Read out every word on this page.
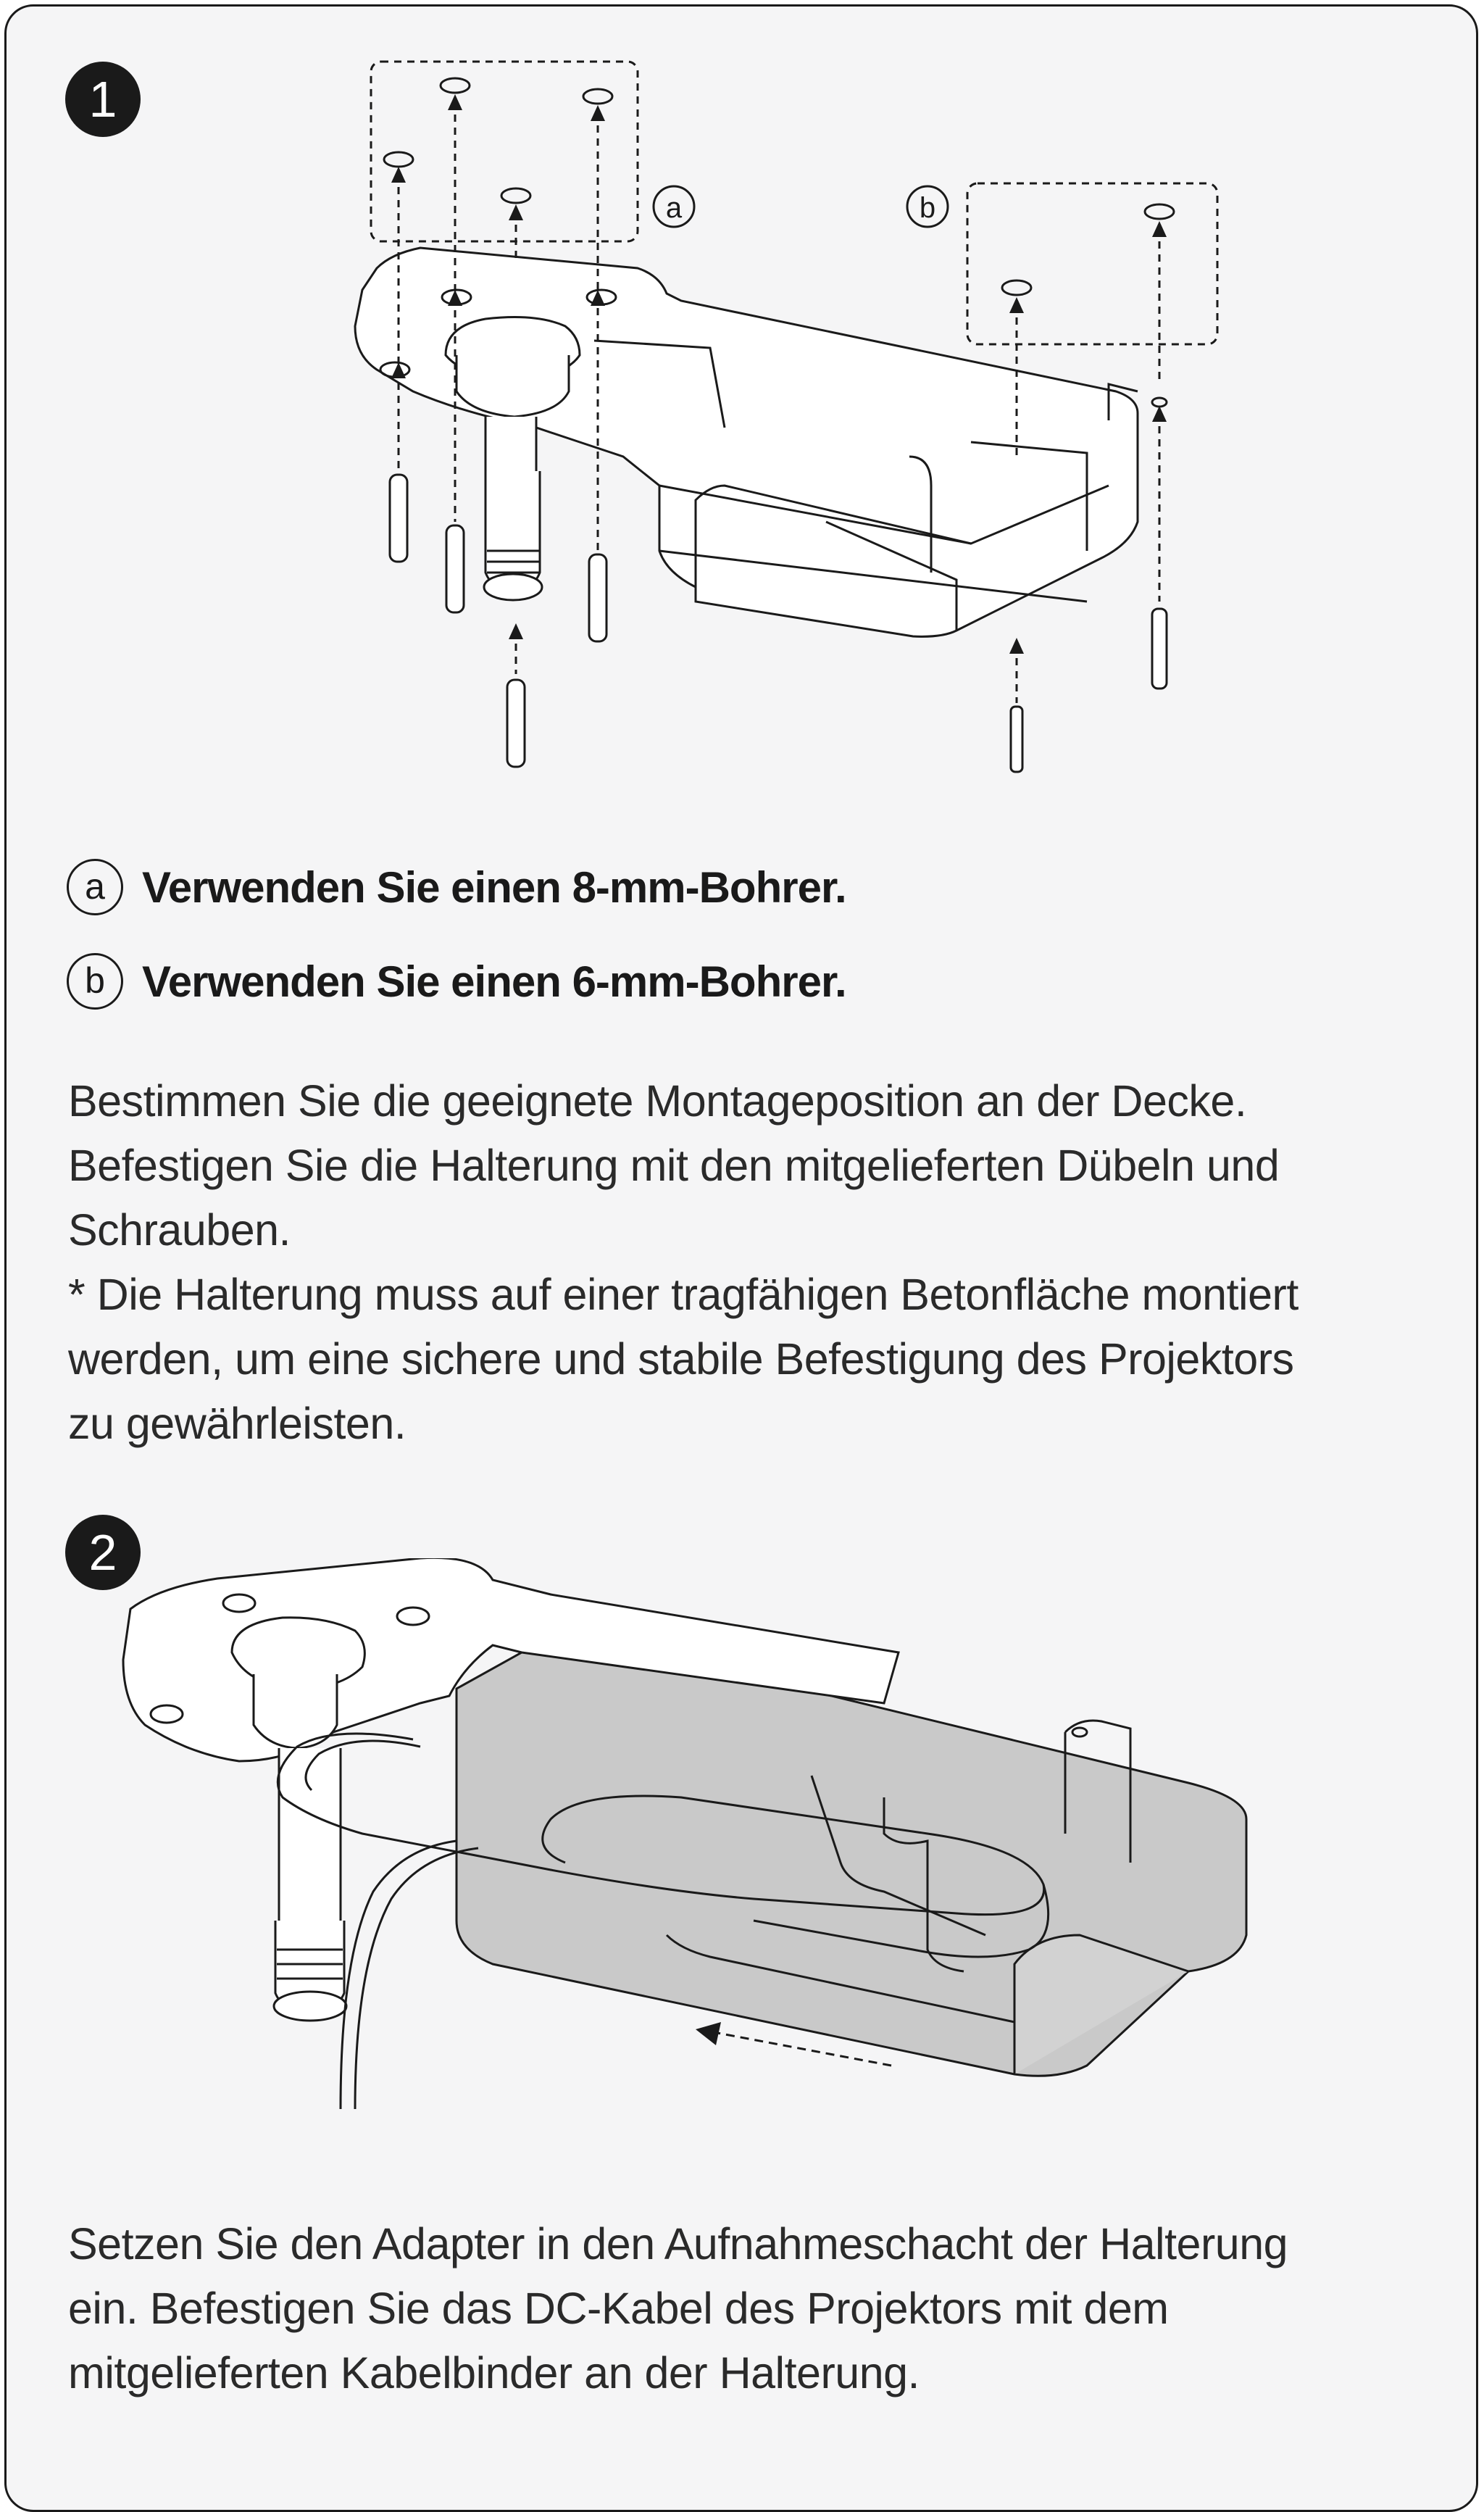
1
a	b
a Verwenden Sie einen 8-mm-Bohrer.
b Verwenden Sie einen 6-mm-Bohrer.
Bestimmen Sie die geeignete Montageposition an der Decke.
Befestigen Sie die Halterung mit den mitgelieferten Dübeln und
Schrauben.
* Die Halterung muss auf einer tragfähigen Betonfläche montiert
werden, um eine sichere und stabile Befestigung des Projektors
zu gewährleisten.
2
Setzen Sie den Adapter in den Aufnahmeschacht der Halterung
ein. Befestigen Sie das DC-Kabel des Projektors mit dem
mitgelieferten Kabelbinder an der Halterung.
